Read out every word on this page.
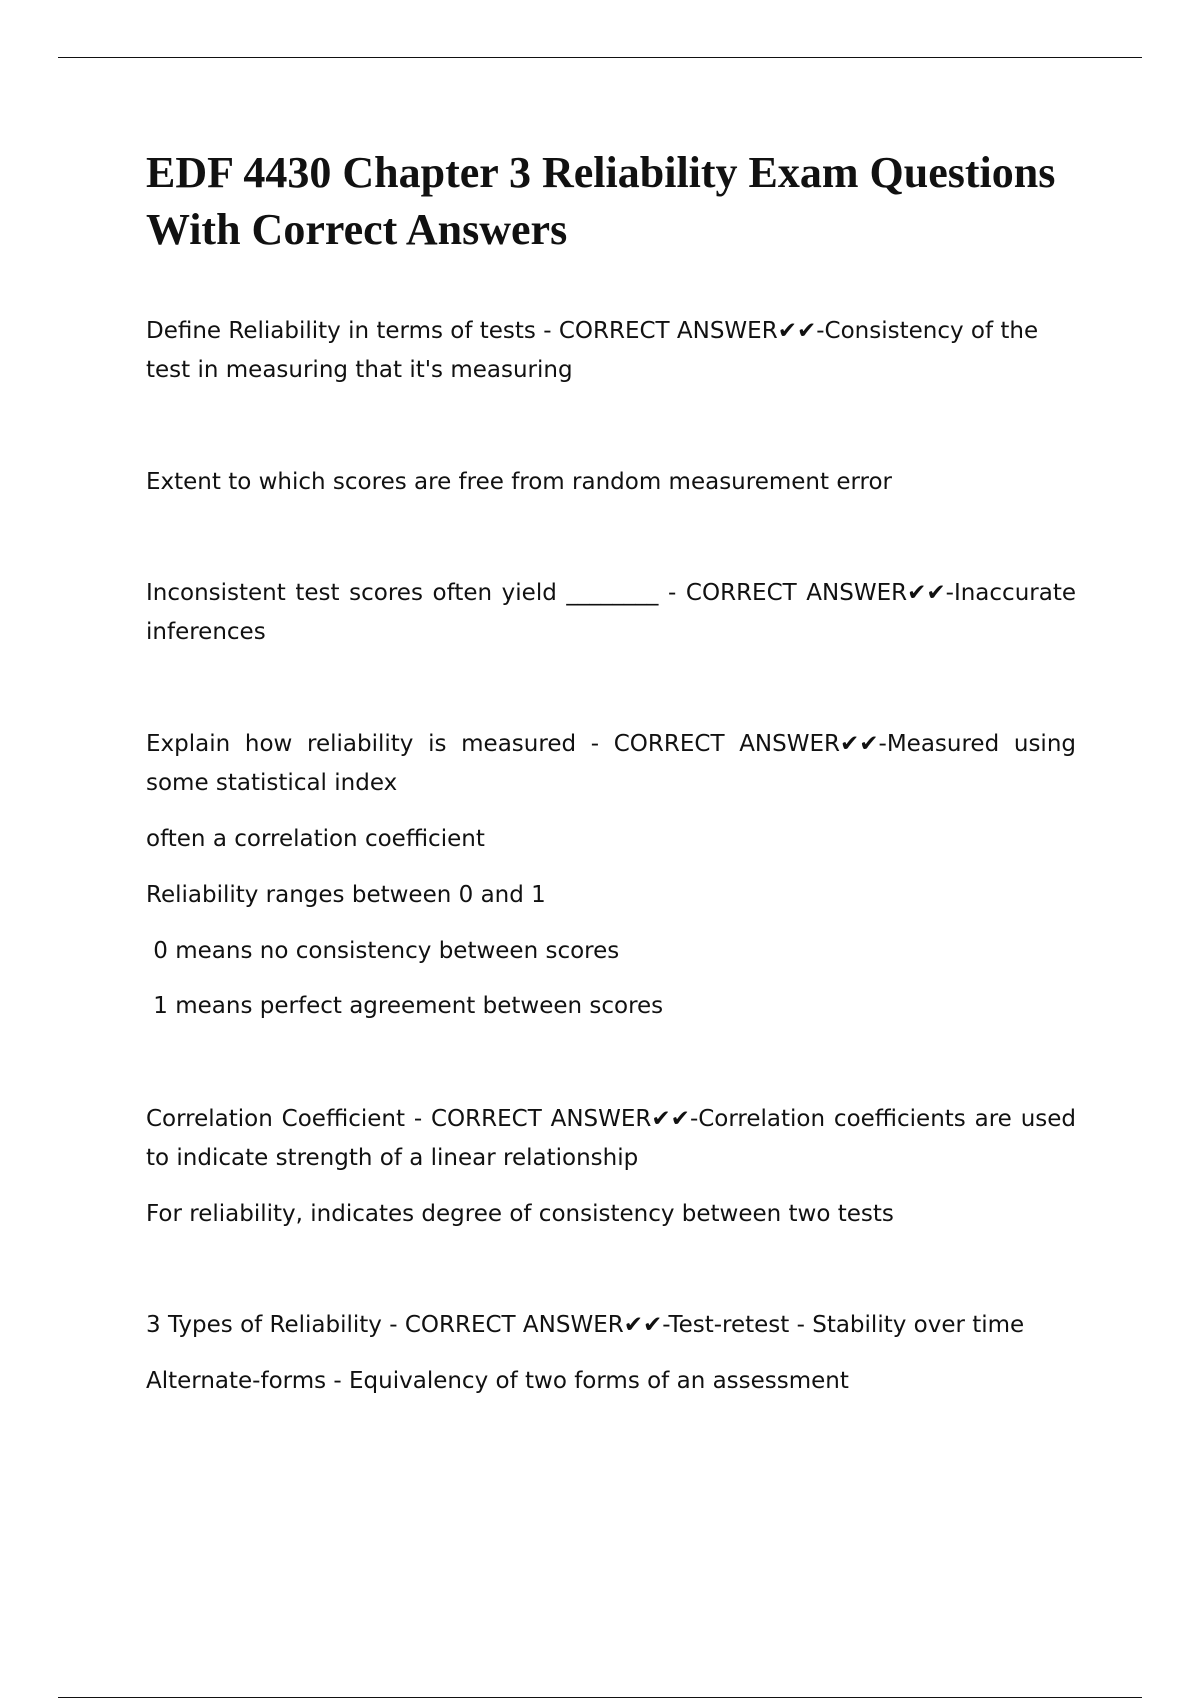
EDF 4430 Chapter 3 Reliability Exam Questions With Correct Answers

Define Reliability in terms of tests - CORRECT ANSWER✔✔-Consistency of the test in measuring that it's measuring

Extent to which scores are free from random measurement error

Inconsistent test scores often yield ________ - CORRECT ANSWER✔✔-Inaccurate inferences

Explain how reliability is measured - CORRECT ANSWER✔✔-Measured using some statistical index

often a correlation coefficient

Reliability ranges between 0 and 1

0 means no consistency between scores

1 means perfect agreement between scores

Correlation Coefficient - CORRECT ANSWER✔✔-Correlation coefficients are used to indicate strength of a linear relationship

For reliability, indicates degree of consistency between two tests

3 Types of Reliability - CORRECT ANSWER✔✔-Test-retest - Stability over time

Alternate-forms - Equivalency of two forms of an assessment
